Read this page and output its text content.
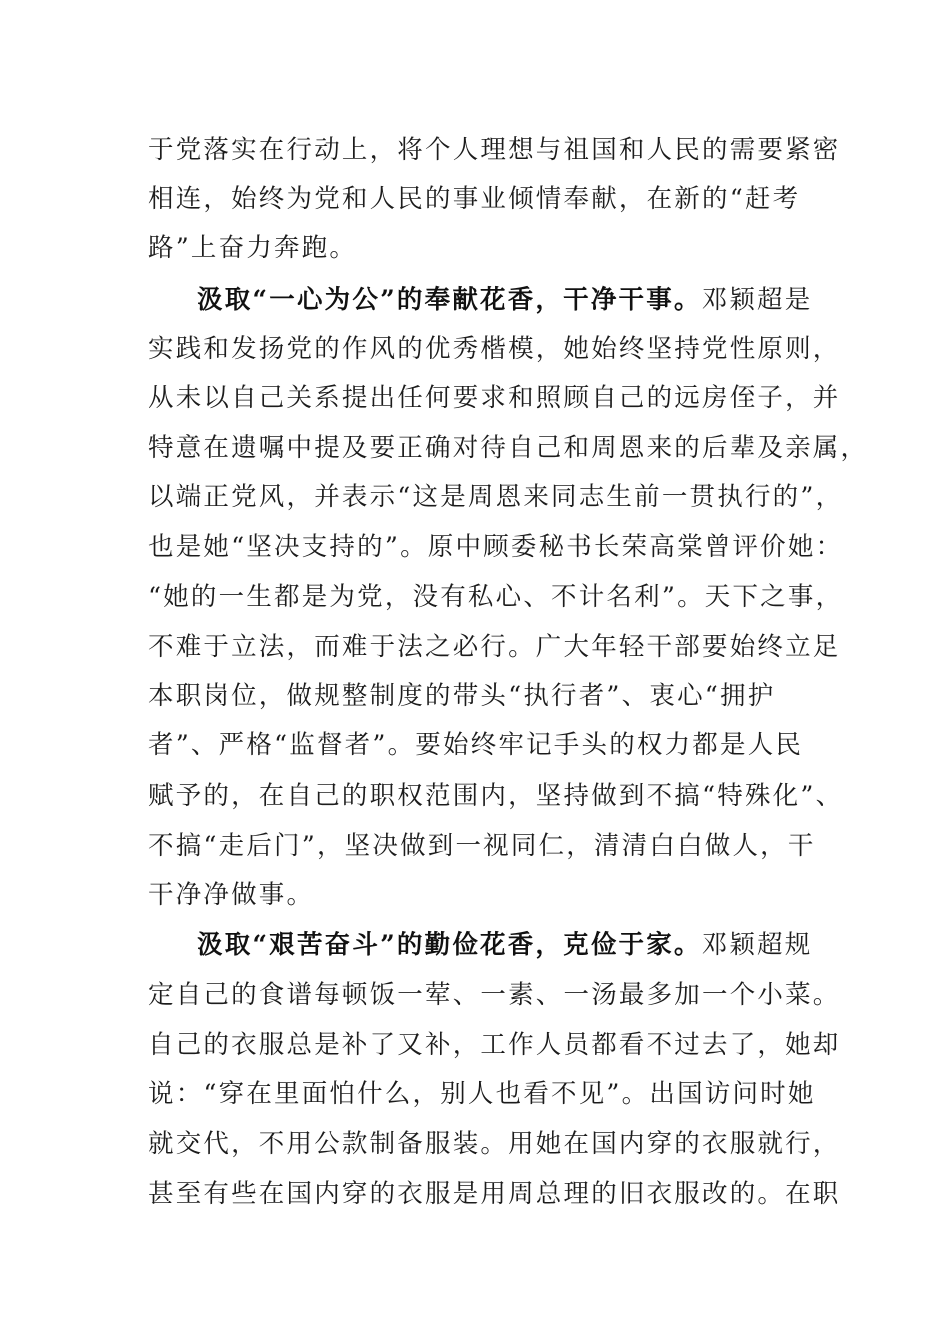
于党落实在行动上，将个人理想与祖国和人民的需要紧密
相连，始终为党和人民的事业倾情奉献，在新的“赶考
路”上奋力奔跑。
汲取“一心为公”的奉献花香，干净干事。邓颖超是
实践和发扬党的作风的优秀楷模，她始终坚持党性原则，
从未以自己关系提出任何要求和照顾自己的远房侄子，并
特意在遗嘱中提及要正确对待自己和周恩来的后辈及亲属，
以端正党风，并表示“这是周恩来同志生前一贯执行的”，
也是她“坚决支持的”。原中顾委秘书长荣高棠曾评价她：
“她的一生都是为党，没有私心、不计名利”。天下之事，
不难于立法，而难于法之必行。广大年轻干部要始终立足
本职岗位，做规整制度的带头“执行者”、衷心“拥护
者”、严格“监督者”。要始终牢记手头的权力都是人民
赋予的，在自己的职权范围内，坚持做到不搞“特殊化”、
不搞“走后门”，坚决做到一视同仁，清清白白做人，干
干净净做事。
汲取“艰苦奋斗”的勤俭花香，克俭于家。邓颖超规
定自己的食谱每顿饭一荤、一素、一汤最多加一个小菜。
自己的衣服总是补了又补，工作人员都看不过去了，她却
说：“穿在里面怕什么，别人也看不见”。出国访问时她
就交代，不用公款制备服装。用她在国内穿的衣服就行，
甚至有些在国内穿的衣服是用周总理的旧衣服改的。在职
